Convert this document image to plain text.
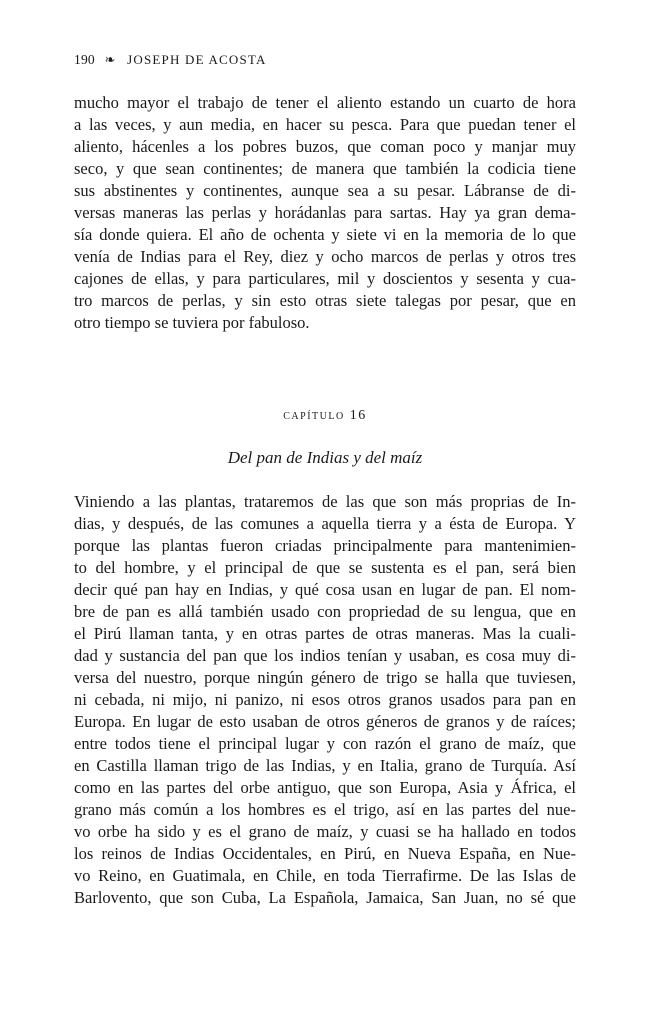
190 ❧ JOSEPH DE ACOSTA
mucho mayor el trabajo de tener el aliento estando un cuarto de hora
a las veces, y aun media, en hacer su pesca. Para que puedan tener el
aliento, hácenles a los pobres buzos, que coman poco y manjar muy
seco, y que sean continentes; de manera que también la codicia tiene
sus abstinentes y continentes, aunque sea a su pesar. Lábranse de di-
versas maneras las perlas y horádanlas para sartas. Hay ya gran dema-
sía donde quiera. El año de ochenta y siete vi en la memoria de lo que
venía de Indias para el Rey, diez y ocho marcos de perlas y otros tres
cajones de ellas, y para particulares, mil y doscientos y sesenta y cua-
tro marcos de perlas, y sin esto otras siete talegas por pesar, que en
otro tiempo se tuviera por fabuloso.
capítulo 16
Del pan de Indias y del maíz
Viniendo a las plantas, trataremos de las que son más proprias de In-
dias, y después, de las comunes a aquella tierra y a ésta de Europa. Y
porque las plantas fueron criadas principalmente para mantenimien-
to del hombre, y el principal de que se sustenta es el pan, será bien
decir qué pan hay en Indias, y qué cosa usan en lugar de pan. El nom-
bre de pan es allá también usado con propriedad de su lengua, que en
el Pirú llaman tanta, y en otras partes de otras maneras. Mas la cuali-
dad y sustancia del pan que los indios tenían y usaban, es cosa muy di-
versa del nuestro, porque ningún género de trigo se halla que tuviesen,
ni cebada, ni mijo, ni panizo, ni esos otros granos usados para pan en
Europa. En lugar de esto usaban de otros géneros de granos y de raíces;
entre todos tiene el principal lugar y con razón el grano de maíz, que
en Castilla llaman trigo de las Indias, y en Italia, grano de Turquía. Así
como en las partes del orbe antiguo, que son Europa, Asia y África, el
grano más común a los hombres es el trigo, así en las partes del nue-
vo orbe ha sido y es el grano de maíz, y cuasi se ha hallado en todos
los reinos de Indias Occidentales, en Pirú, en Nueva España, en Nue-
vo Reino, en Guatimala, en Chile, en toda Tierrafirme. De las Islas de
Barlovento, que son Cuba, La Española, Jamaica, San Juan, no sé que
